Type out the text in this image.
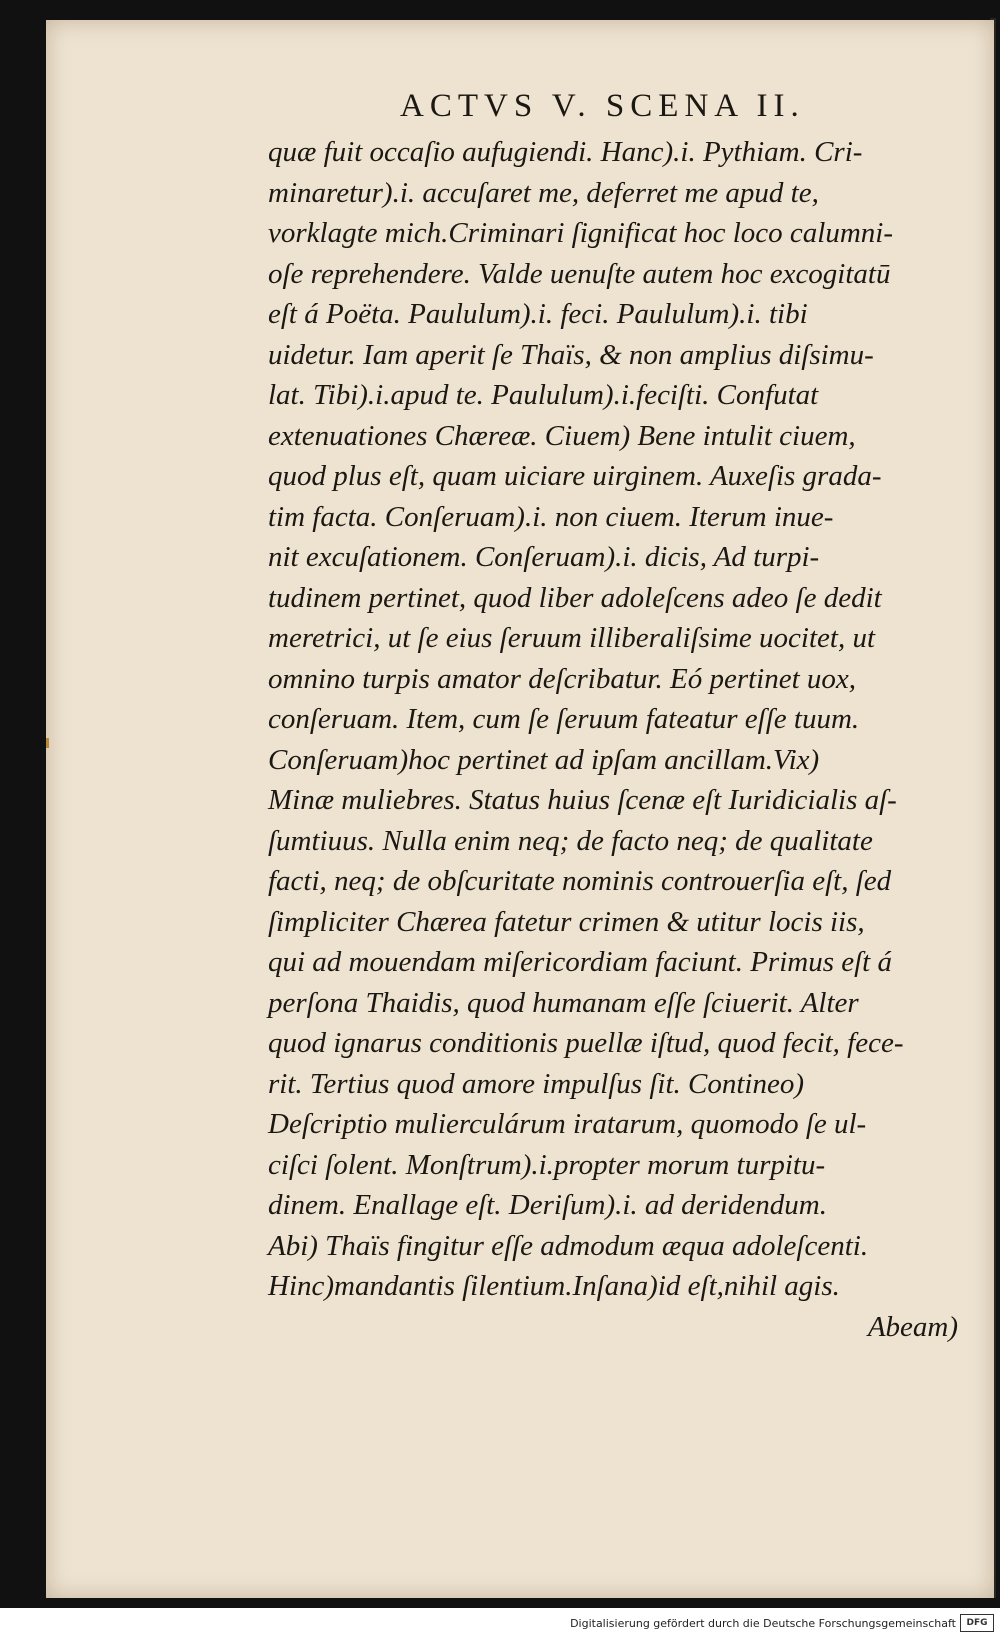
ACTVS V. SCENA II.
quæ fuit occaſio aufugiendi. Hanc).i. Pythiam. Cri-
minaretur).i. accuſaret me, deferret me apud te,
vorklagte mich.Criminari ſignificat hoc loco calumni-
oſe reprehendere. Valde uenuſte autem hoc excogitatū
eſt á Poëta. Paululum).i. feci. Paululum).i. tibi
uidetur. Iam aperit ſe Thaïs, & non amplius diſsimu-
lat. Tibi).i.apud te. Paululum).i.feciſti. Confutat
extenuationes Chæreæ. Ciuem) Bene intulit ciuem,
quod plus eſt, quam uiciare uirginem. Auxeſis grada-
tim facta. Conſeruam).i. non ciuem. Iterum inue-
nit excuſationem. Conſeruam).i. dicis, Ad turpi-
tudinem pertinet, quod liber adoleſcens adeo ſe dedit
meretrici, ut ſe eius ſeruum illiberaliſsime uocitet, ut
omnino turpis amator deſcribatur. Eó pertinet uox,
conſeruam. Item, cum ſe ſeruum fateatur eſſe tuum.
Conſeruam)hoc pertinet ad ipſam ancillam.Vix)
Minæ muliebres. Status huius ſcenæ eſt Iuridicialis aſ-
ſumtiuus. Nulla enim neq; de facto neq; de qualitate
facti, neq; de obſcuritate nominis controuerſia eſt, ſed
ſimpliciter Chærea fatetur crimen & utitur locis iis,
qui ad mouendam miſericordiam faciunt. Primus eſt á
perſona Thaidis, quod humanam eſſe ſciuerit. Alter
quod ignarus conditionis puellæ iſtud, quod fecit, fece-
rit. Tertius quod amore impulſus ſit. Contineo)
Deſcriptio mulierculárum iratarum, quomodo ſe ul-
ciſci ſolent. Monſtrum).i.propter morum turpitu-
dinem. Enallage eſt. Deriſum).i. ad deridendum.
Abi) Thaïs fingitur eſſe admodum æqua adoleſcenti.
Hinc)mandantis ſilentium.Inſana)id eſt,nihil agis.
Abeam)
Digitalisierung gefördert durch die Deutsche Forschungsgemeinschaft	DFG
